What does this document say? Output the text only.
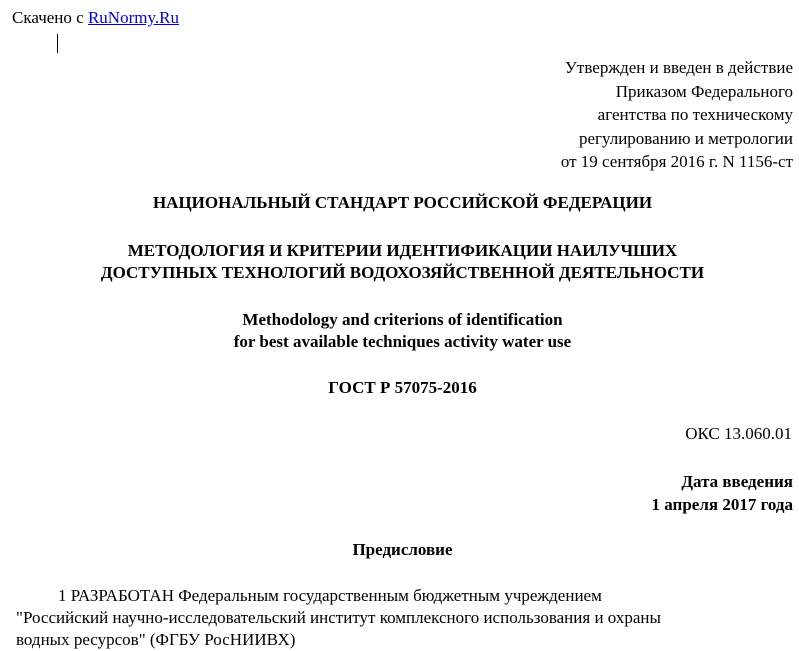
Скачено с RuNormy.Ru
Утвержден и введен в действие
Приказом Федерального
агентства по техническому
регулированию и метрологии
от 19 сентября 2016 г. N 1156-ст
НАЦИОНАЛЬНЫЙ СТАНДАРТ РОССИЙСКОЙ ФЕДЕРАЦИИ
МЕТОДОЛОГИЯ И КРИТЕРИИ ИДЕНТИФИКАЦИИ НАИЛУЧШИХ
ДОСТУПНЫХ ТЕХНОЛОГИЙ ВОДОХОЗЯЙСТВЕННОЙ ДЕЯТЕЛЬНОСТИ
Methodology and criterions of identification
for best available techniques activity water use
ГОСТ Р 57075-2016
ОКС 13.060.01
Дата введения
1 апреля 2017 года
Предисловие
1 РАЗРАБОТАН Федеральным государственным бюджетным учреждением
"Российский научно-исследовательский институт комплексного использования и охраны
водных ресурсов" (ФГБУ РосНИИВХ)
